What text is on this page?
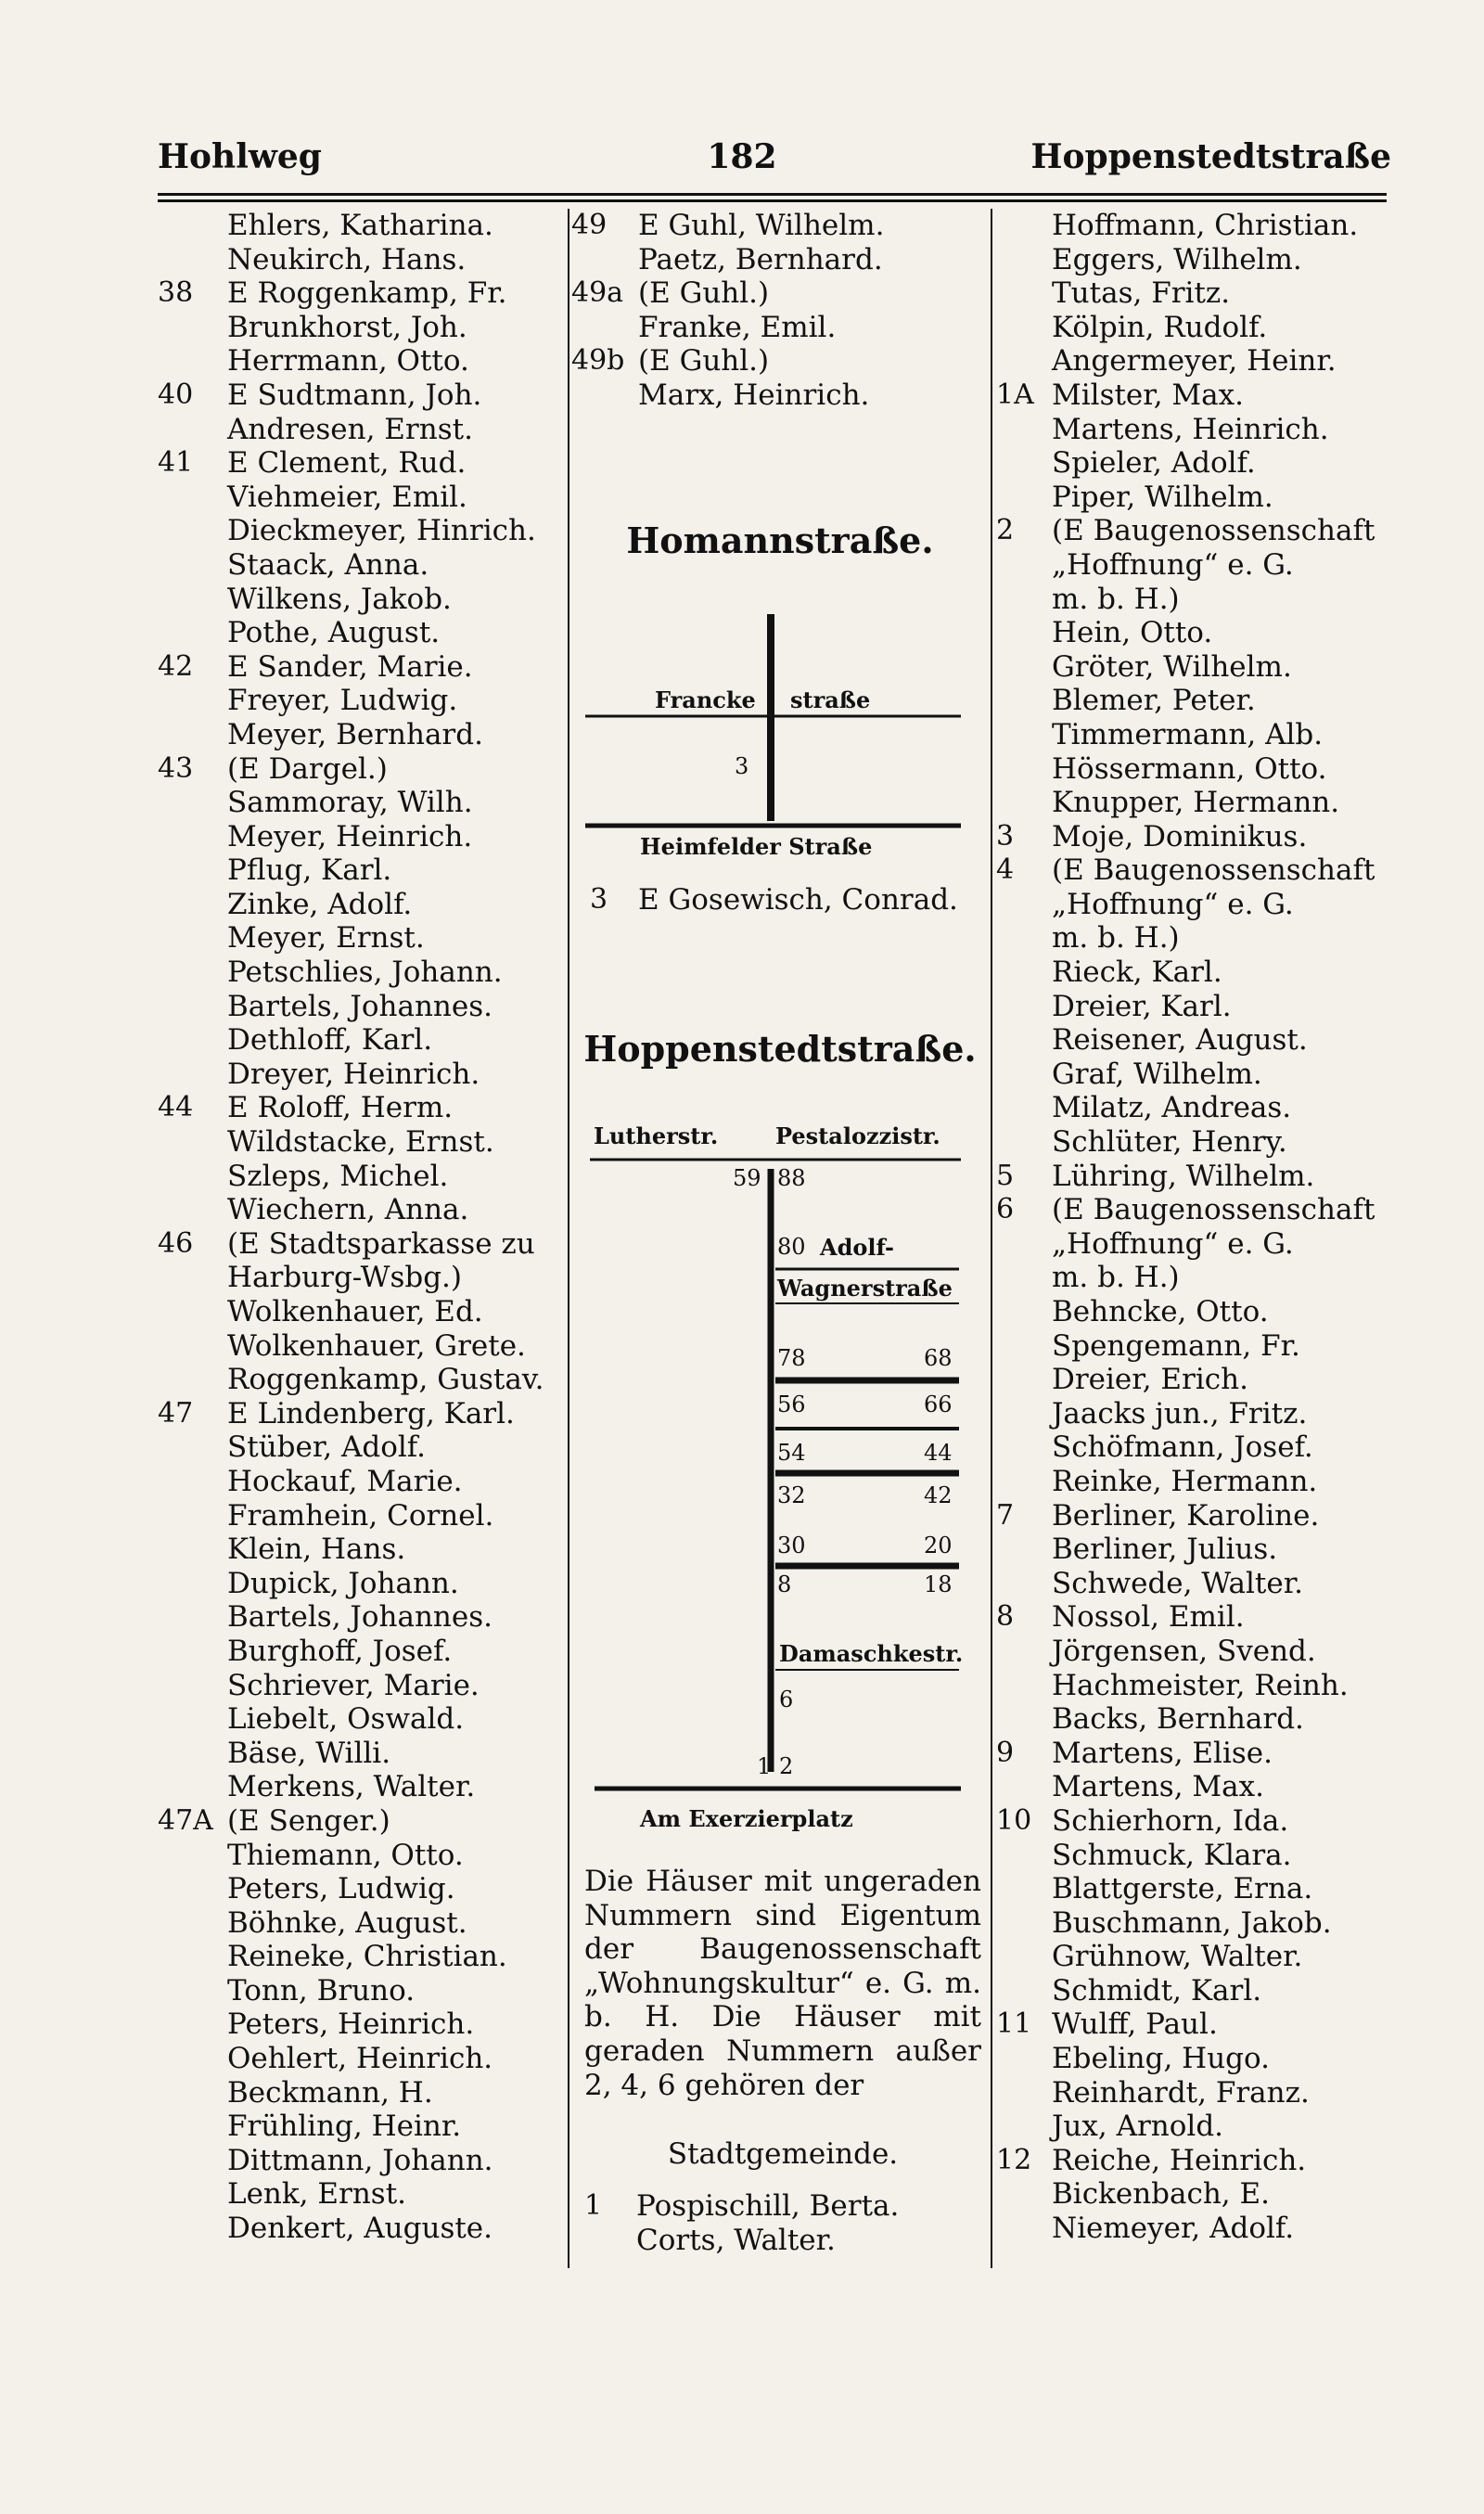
Hohlweg	182	Hoppenstedtstraße
Ehlers, Katharina.
Neukirch, Hans.
38 E Roggenkamp, Fr.
Brunkhorst, Joh.
Herrmann, Otto.
40 E Sudtmann, Joh.
Andresen, Ernst.
41 E Clement, Rud.
Viehmeier, Emil.
Dieckmeyer, Hinrich.
Staack, Anna.
Wilkens, Jakob.
Pothe, August.
42 E Sander, Marie.
Freyer, Ludwig.
Meyer, Bernhard.
43 (E Dargel.)
Sammoray, Wilh.
Meyer, Heinrich.
Pflug, Karl.
Zinke, Adolf.
Meyer, Ernst.
Petschlies, Johann.
Bartels, Johannes.
Dethloff, Karl.
Dreyer, Heinrich.
44 E Roloff, Herm.
Wildstacke, Ernst.
Szleps, Michel.
Wiechern, Anna.
46 (E Stadtsparkasse zu
Harburg-Wsbg.)
Wolkenhauer, Ed.
Wolkenhauer, Grete.
Roggenkamp, Gustav.
47 E Lindenberg, Karl.
Stüber, Adolf.
Hockauf, Marie.
Framhein, Cornel.
Klein, Hans.
Dupick, Johann.
Bartels, Johannes.
Burghoff, Josef.
Schriever, Marie.
Liebelt, Oswald.
Bäse, Willi.
Merkens, Walter.
47A (E Senger.)
Thiemann, Otto.
Peters, Ludwig.
Böhnke, August.
Reineke, Christian.
Tonn, Bruno.
Peters, Heinrich.
Oehlert, Heinrich.
Beckmann, H.
Frühling, Heinr.
Dittmann, Johann.
Lenk, Ernst.
Denkert, Auguste.
49 E Guhl, Wilhelm.
Paetz, Bernhard.
49a (E Guhl.)
Franke, Emil.
49b (E Guhl.)
Marx, Heinrich.
Homannstraße.
Francke straße
3
Heimfelder Straße
3 E Gosewisch, Conrad.
Hoppenstedtstraße.
Lutherstr.	Pestalozzistr.
59 88
80 Adolf-
Wagnerstraße
78	68
56	66
54	44
32	42
30	20
8	18
Damaschkestr.
6
1 2
Am Exerzierplatz
Die Häuser mit ungeraden Nummern sind Eigentum der Baugenossenschaft „Wohnungskultur“ e. G. m. b. H. Die Häuser mit geraden Nummern außer 2, 4, 6 gehören der
Stadtgemeinde.
1 Pospischill, Berta.
Corts, Walter.
Hoffmann, Christian.
Eggers, Wilhelm.
Tutas, Fritz.
Kölpin, Rudolf.
Angermeyer, Heinr.
1A Milster, Max.
Martens, Heinrich.
Spieler, Adolf.
Piper, Wilhelm.
2 (E Baugenossenschaft
„Hoffnung“ e. G.
m. b. H.)
Hein, Otto.
Gröter, Wilhelm.
Blemer, Peter.
Timmermann, Alb.
Hössermann, Otto.
Knupper, Hermann.
3 Moje, Dominikus.
4 (E Baugenossenschaft
„Hoffnung“ e. G.
m. b. H.)
Rieck, Karl.
Dreier, Karl.
Reisener, August.
Graf, Wilhelm.
Milatz, Andreas.
Schlüter, Henry.
5 Lühring, Wilhelm.
6 (E Baugenossenschaft
„Hoffnung“ e. G.
m. b. H.)
Behncke, Otto.
Spengemann, Fr.
Dreier, Erich.
Jaacks jun., Fritz.
Schöfmann, Josef.
Reinke, Hermann.
7 Berliner, Karoline.
Berliner, Julius.
Schwede, Walter.
8 Nossol, Emil.
Jörgensen, Svend.
Hachmeister, Reinh.
Backs, Bernhard.
9 Martens, Elise.
Martens, Max.
10 Schierhorn, Ida.
Schmuck, Klara.
Blattgerste, Erna.
Buschmann, Jakob.
Grühnow, Walter.
Schmidt, Karl.
11 Wulff, Paul.
Ebeling, Hugo.
Reinhardt, Franz.
Jux, Arnold.
12 Reiche, Heinrich.
Bickenbach, E.
Niemeyer, Adolf.
